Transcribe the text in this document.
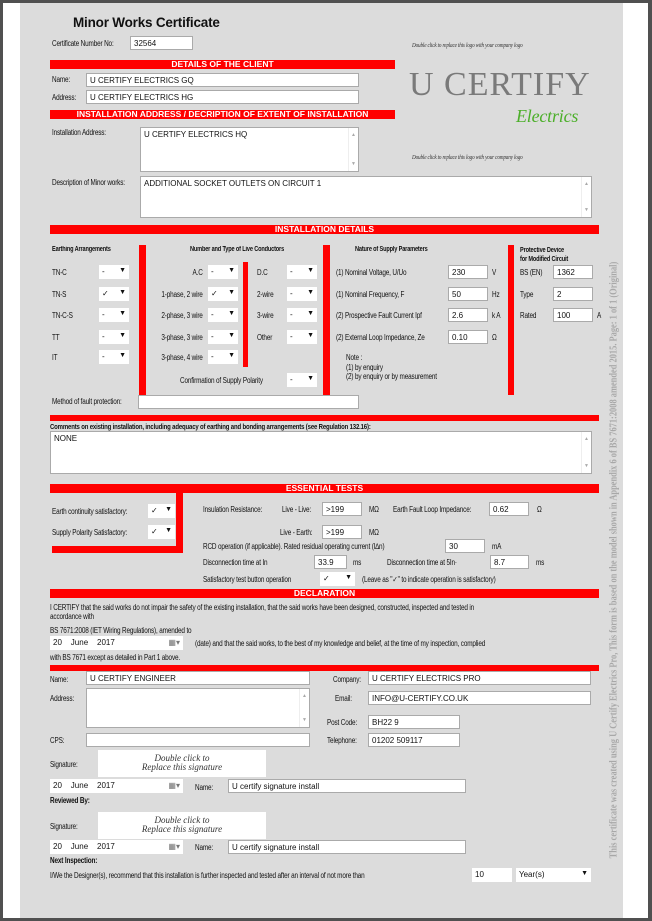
This certificate was created using U Certify Electrics Pro, This form is based on the model shown in Appendix 6 of BS 7671:2008 amended 2015. Page: 1 of 1 (Original)
Minor Works Certificate
Certificate Number No:	32564	Double click to replace this logo with your company logo
U CERTIFY
Electrics
Double click to replace this logo with your company logo
DETAILS OF THE CLIENT
Name:	U CERTIFY ELECTRICS GQ
Address:	U CERTIFY ELECTRICS HG
INSTALLATION ADDRESS / DECRIPTION OF EXTENT OF INSTALLATION
Installation Address:	U CERTIFY ELECTRICS HQ	▲
▼
Description of Minor works:	ADDITIONAL SOCKET OUTLETS ON CIRCUIT 1	▲
▼
INSTALLATION DETAILS
Earthing Arrangements
TN-C	- ▼
TN-S	✓ ▼
TN-C-S	- ▼
TT	- ▼
IT	- ▼
Number and Type of Live Conductors
A.C	- ▼
1-phase, 2 wire	✓ ▼
2-phase, 3 wire	- ▼
3-phase, 3 wire	- ▼
3-phase, 4 wire	- ▼
D.C	- ▼
2-wire	- ▼
3-wire	- ▼
Other	- ▼
Confirmation of Supply Polarity	- ▼
Nature of Supply Parameters
(1) Nominal Voltage, U/Uo	230	V
(1) Nominal Frequency, F	50	Hz
(2) Prospective Fault Current Ipf	2.6	k A
(2) External Loop Impedance, Ze	0.10	Ω
Note :
(1) by enquiry
(2) by enquiry or by measurement
Protective Device
for Modified Circuit
BS (EN)	1362
Type	2
Rated	100	A
Method of fault protection:
Comments on existing installation, including adequacy of earthing and bonding arrangements (see Regulation 132.16):
NONE	▲
▼
ESSENTIAL TESTS
Earth continuity satisfactory:	✓ ▼
Supply Polarity Satisfactory:	✓ ▼
Insulation Resistance: Live - Live:	>199	MΩ Earth Fault Loop Impedance:	0.62	Ω
Live - Earth:	>199	MΩ
RCD operation (if applicable). Rated residual operating current (I∆n)	30	mA
Disconnection time at In	33.9	ms	Disconnection time at 5In·	8.7	ms
Satisfactory test button operation	✓ ▼ (Leave as "✓" to indicate operation is satisfactory)
DECLARATION
I CERTIFY that the said works do not impair the safety of the existing installation, that the said works have been designed, constructed, inspected and tested in
accordance with
BS 7671:2008 (IET Wiring Regulations), amended to
20    June    2017	▦▾ (date) and that the said works, to the best of my knowledge and belief, at the time of my inspection, complied
with BS 7671 except as detailed in Part 1 above.
Name:	U CERTIFY ENGINEER	Company:	U CERTIFY ELECTRICS PRO
Address:	▲
▼
Email:	INFO@U-CERTIFY.CO.UK
Post Code:	BH22 9
CPS:	Telephone:	01202 509117
Signature:
Double click to
Replace this signature
20    June    2017	▦▾ Name:	U certify signature install
Reviewed By:
Signature:
Double click to
Replace this signature
20    June    2017	▦▾ Name:	U certify signature install
Next Inspection:
I/We the Designer(s), recommend that this installation is further inspected and tested after an interval of not more than	10	Year(s)	▼
